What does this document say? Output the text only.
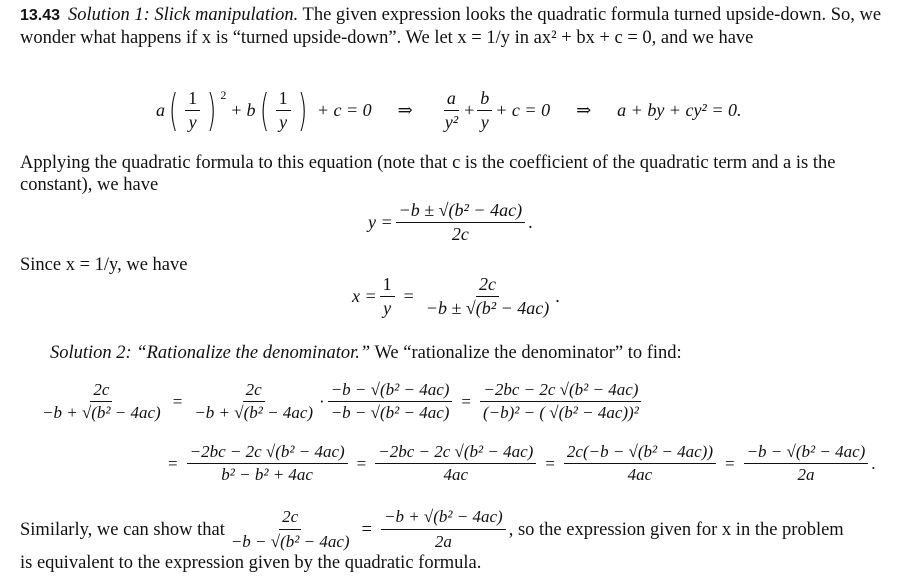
13.43 Solution 1: Slick manipulation. The given expression looks the quadratic formula turned upside-down. So, we wonder what happens if x is “turned upside-down”. We let x = 1/y in ax² + bx + c = 0, and we have
a ( $\frac{1}{y}$ ) $^2$
+ b ( $\frac{1}{y}$ ) + c = 0 ⇒ $\frac{a}{\text{y²}} + \frac{b}{y} + c = 0$ ⇒ a + by + cy² = 0.
Applying the quadratic formula to this equation (note that c is the coefficient of the quadratic term and a is the constant), we have
$y = \frac{\text{−b ± √(b² − 4ac)}}{2c}$ .
Since x = 1/y, we have
$x = \frac{1}{y} = \frac{2c}{\text{−b ± √(b² − 4ac)}}$ .
Solution 2: “Rationalize the denominator.” We “rationalize the denominator” to find:
$\frac{2c}{\text{−b + √(b² − 4ac)}} = \frac{2c}{\text{−b + √(b² − 4ac)}} \cdot \frac{\text{−b − √(b² − 4ac)}}{\text{−b − √(b² − 4ac)}} = \frac{\text{−2bc − 2c √(b² − 4ac)}}{\text{(−b)² − ( √(b² − 4ac))²}}$
= $\frac{\text{−2bc − 2c √(b² − 4ac)}}{\text{b² − b² + 4ac}} = \frac{\text{−2bc − 2c √(b² − 4ac)}}{4ac} = \frac{\text{2c(−b − √(b² − 4ac))}}{4ac} = \frac{\text{−b − √(b² − 4ac)}}{2a}$ .
Similarly, we can show that $\frac{2c}{\text{−b − √(b² − 4ac)}} = \frac{\text{−b + √(b² − 4ac)}}{2a}$ , so the expression given for x in the problem
is equivalent to the expression given by the quadratic formula.
